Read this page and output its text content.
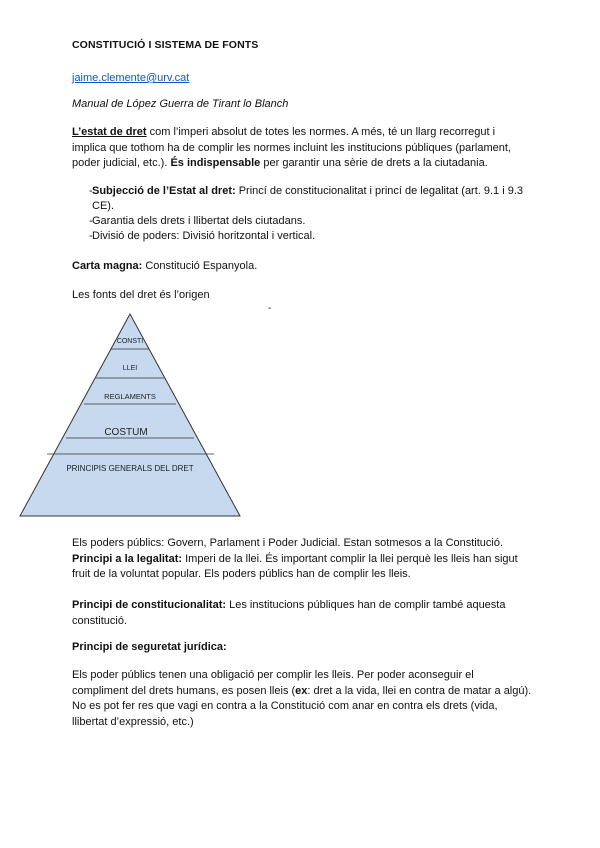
CONSTITUCIÓ I SISTEMA DE FONTS
jaime.clemente@urv.cat
Manual de López Guerra de Tirant lo Blanch
L’estat de dret com l’imperi absolut de totes les normes. A més, té un llarg recorregut i implica que tothom ha de complir les normes incluint les institucions públiques (parlament, poder judicial, etc.). És indispensable per garantir una sèrie de drets a la ciutadania.
- Subjecció de l’Estat al dret: Princí de constitucionalitat i princí de legalitat (art. 9.1 i 9.3 CE).
- Garantia dels drets i llibertat dels ciutadans.
- Divisió de poders: Divisió horitzontal i vertical.
Carta magna: Constitució Espanyola.
Les fonts del dret és l’origen
-
CONSTI
LLEI
REGLAMENTS
COSTUM
PRINCIPIS GENERALS DEL DRET
Els poders públics: Govern, Parlament i Poder Judicial. Estan sotmesos a la Constitució.
Principi a la legalitat: Imperi de la llei. És important complir la llei perquè les lleis han sigut fruit de la voluntat popular. Els poders públics han de complir les lleis.
Principi de constitucionalitat: Les institucions públiques han de complir també aquesta constitució.
Principi de seguretat jurídica:
Els poder públics tenen una obligació per complir les lleis. Per poder aconseguir el compliment del drets humans, es posen lleis (ex: dret a la vida, llei en contra de matar a algú). No es pot fer res que vagi en contra a la Constitució com anar en contra els drets (vida, llibertat d’expressió, etc.)
